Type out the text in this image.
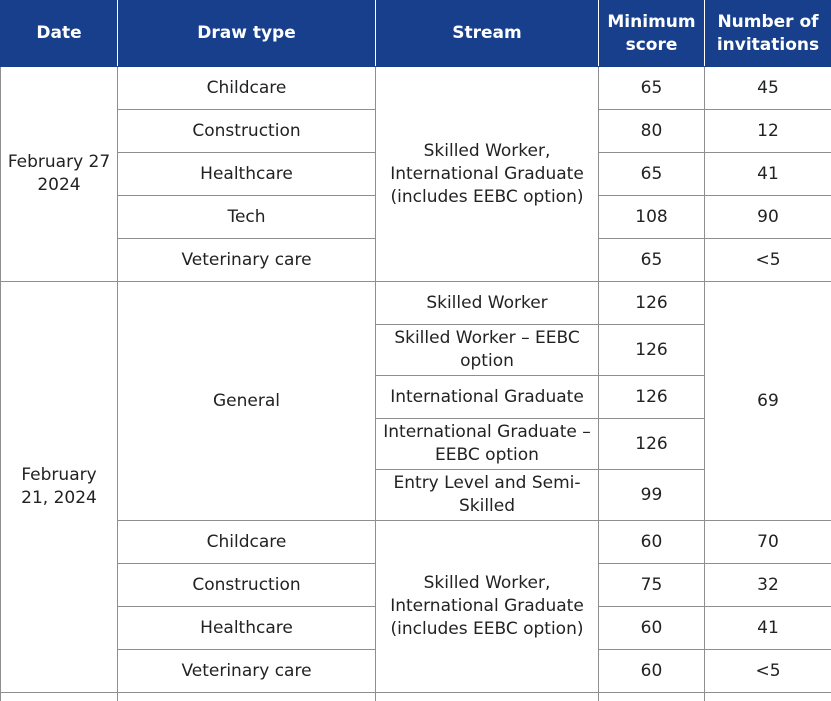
Date	Draw type	Stream	Minimum score	Number of invitations
February 27 2024	Childcare	Skilled Worker, International Graduate (includes EEBC option)	65	45
	Construction		80	12
	Healthcare		65	41
	Tech		108	90
	Veterinary care		65	<5
February 21, 2024	General	Skilled Worker	126	69
		Skilled Worker – EEBC option	126	
		International Graduate	126	
		International Graduate – EEBC option	126	
		Entry Level and Semi-Skilled	99	
	Childcare	Skilled Worker, International Graduate (includes EEBC option)	60	70
	Construction		75	32
	Healthcare		60	41
	Veterinary care		60	<5
